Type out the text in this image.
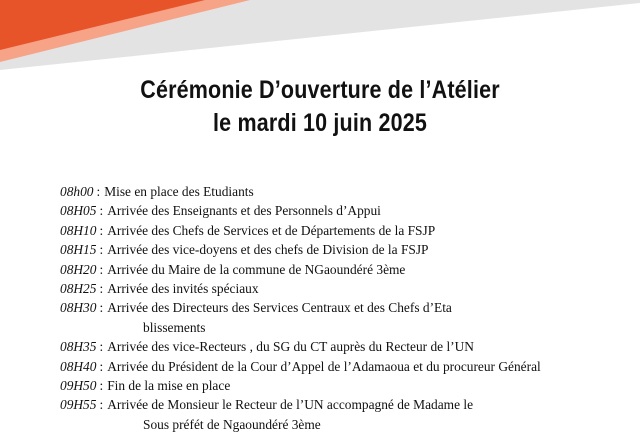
Cérémonie D’ouverture de l’Atélier
le mardi 10 juin 2025
08h00 : Mise en place des Etudiants
08H05 : Arrivée des Enseignants et des Personnels d’Appui
08H10 : Arrivée des Chefs de Services et de Départements de la FSJP
08H15 : Arrivée des vice-doyens et des chefs de Division de la FSJP
08H20 : Arrivée du Maire de la commune de NGaoundéré 3ème
08H25 : Arrivée des invités spéciaux
08H30 : Arrivée des Directeurs des Services Centraux et des Chefs d’Eta
blissements
08H35 : Arrivée des vice-Recteurs , du SG du CT auprès du Recteur de l’UN
08H40 : Arrivée du Président de la Cour d’Appel de l’Adamaoua et du procureur Général
09H50 : Fin de la mise en place
09H55 : Arrivée de Monsieur le Recteur de l’UN accompagné de Madame le
Sous préfét de Ngaoundéré 3ème
